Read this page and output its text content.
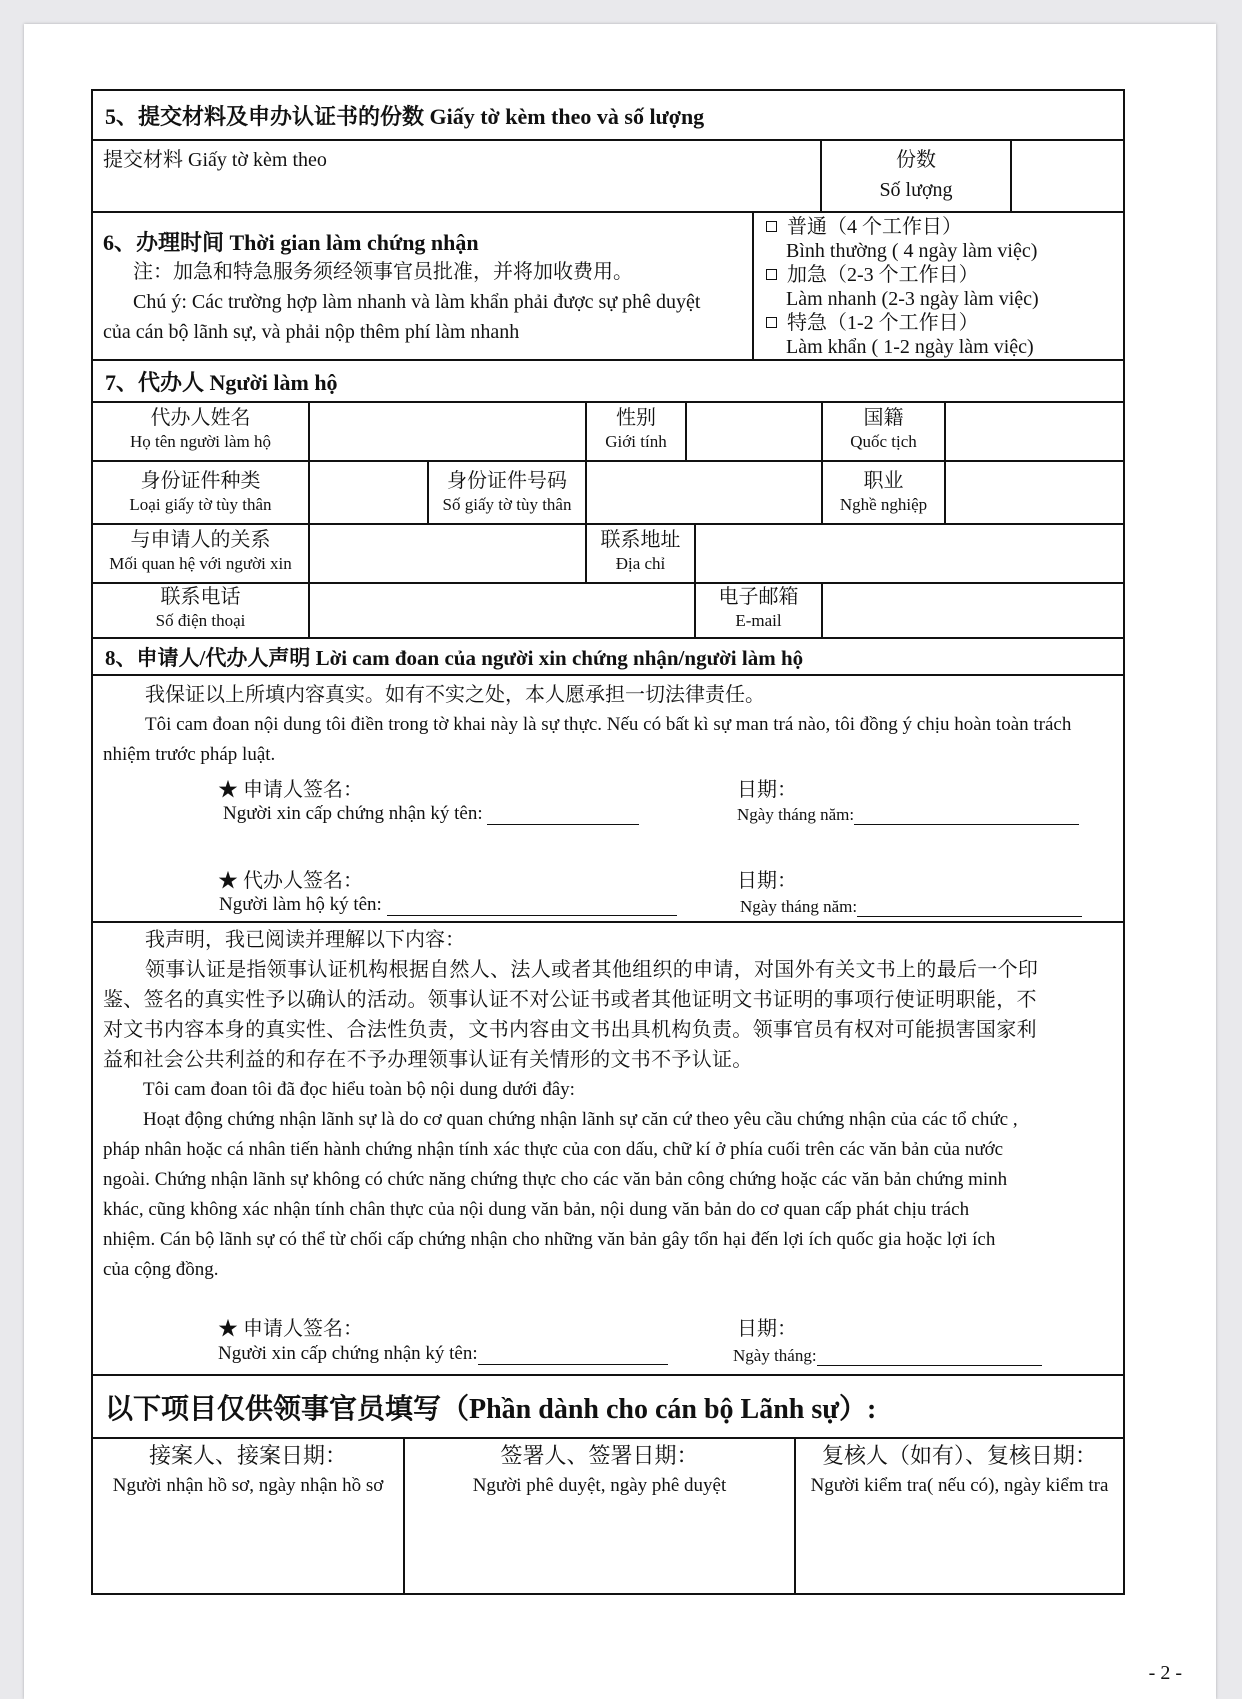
5、提交材料及申办认证书的份数 Giấy tờ kèm theo và số lượng
提交材料 Giấy tờ kèm theo	份数
Số lượng
6、办理时间 Thời gian làm chứng nhận
注：加急和特急服务须经领事官员批准，并将加收费用。
Chú ý: Các trường hợp làm nhanh và làm khẩn phải được sự phê duyệt
của cán bộ lãnh sự, và phải nộp thêm phí làm nhanh
普通（4 个工作日）
Bình thường ( 4 ngày làm việc)
加急（2-3 个工作日）
Làm nhanh (2-3 ngày làm việc)
特急（1-2 个工作日）
Làm khẩn ( 1-2 ngày làm việc)
7、代办人 Người làm hộ
代办人姓名
Họ tên người làm hộ
性别
Giới tính
国籍
Quốc tịch
身份证件种类
Loại giấy tờ tùy thân
身份证件号码
Số giấy tờ tùy thân
职业
Nghề nghiệp
与申请人的关系
Mối quan hệ với người xin
联系地址
Địa chỉ
联系电话
Số điện thoại
电子邮箱
E-mail
8、申请人/代办人声明 Lời cam đoan của người xin chứng nhận/người làm hộ
我保证以上所填内容真实。如有不实之处，本人愿承担一切法律责任。
Tôi cam đoan nội dung tôi điền trong tờ khai này là sự thực. Nếu có bất kì sự man trá nào, tôi đồng ý chịu hoàn toàn trách
nhiệm trước pháp luật.
★ 申请人签名：
Người xin cấp chứng nhận ký tên:
日期：
Ngày tháng năm:
★ 代办人签名：
Người làm hộ ký tên:
日期：
Ngày tháng năm:
我声明，我已阅读并理解以下内容：
领事认证是指领事认证机构根据自然人、法人或者其他组织的申请，对国外有关文书上的最后一个印
鉴、签名的真实性予以确认的活动。领事认证不对公证书或者其他证明文书证明的事项行使证明职能，不
对文书内容本身的真实性、合法性负责，文书内容由文书出具机构负责。领事官员有权对可能损害国家利
益和社会公共利益的和存在不予办理领事认证有关情形的文书不予认证。
Tôi cam đoan tôi đã đọc hiểu toàn bộ nội dung dưới đây:
Hoạt động chứng nhận lãnh sự là do cơ quan chứng nhận lãnh sự căn cứ theo yêu cầu chứng nhận của các tổ chức ,
pháp nhân hoặc cá nhân tiến hành chứng nhận tính xác thực của con dấu, chữ kí ở phía cuối trên các văn bản của nước
ngoài. Chứng nhận lãnh sự không có chức năng chứng thực cho các văn bản công chứng hoặc các văn bản chứng minh
khác, cũng không xác nhận tính chân thực của nội dung văn bản, nội dung văn bản do cơ quan cấp phát chịu trách
nhiệm. Cán bộ lãnh sự có thể từ chối cấp chứng nhận cho những văn bản gây tổn hại đến lợi ích quốc gia hoặc lợi ích
của cộng đồng.
★ 申请人签名：
Người xin cấp chứng nhận ký tên:
日期：
Ngày tháng:
以下项目仅供领事官员填写（Phần dành cho cán bộ Lãnh sự）:
接案人、接案日期：
Người nhận hồ sơ, ngày nhận hồ sơ
签署人、签署日期：
Người phê duyệt, ngày phê duyệt
复核人（如有）、复核日期：
Người kiểm tra( nếu có), ngày kiểm tra
- 2 -
